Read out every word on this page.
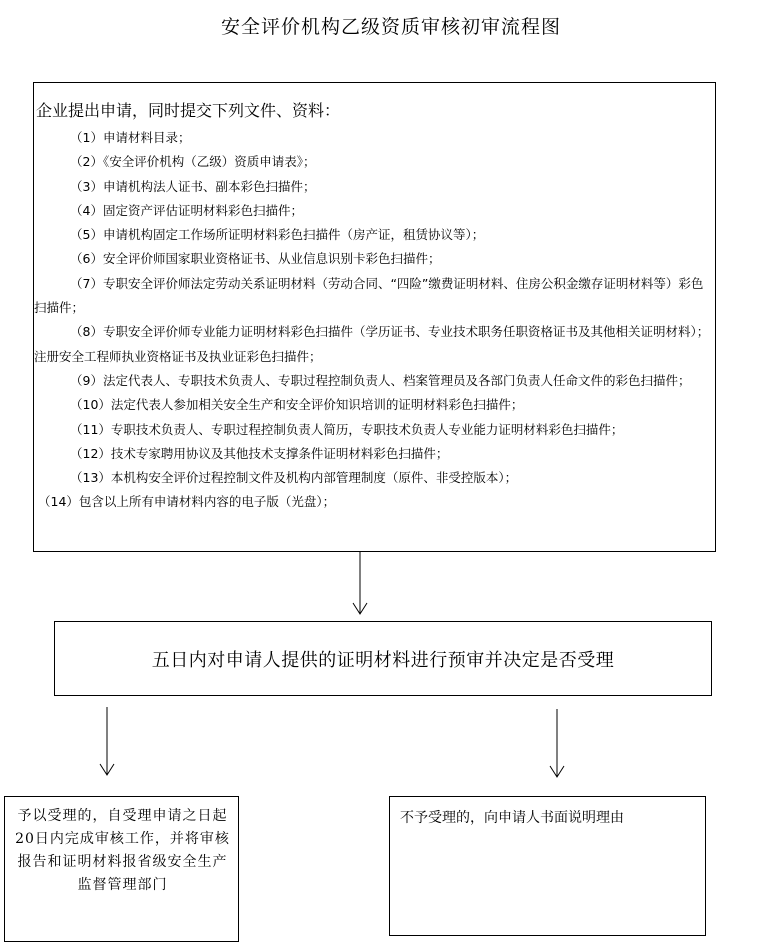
安全评价机构乙级资质审核初审流程图
企业提出申请，同时提交下列文件、资料：
（1）申请材料目录；
（2）《安全评价机构（乙级）资质申请表》；
（3）申请机构法人证书、副本彩色扫描件；
（4）固定资产评估证明材料彩色扫描件；
（5）申请机构固定工作场所证明材料彩色扫描件（房产证，租赁协议等）；
（6）安全评价师国家职业资格证书、从业信息识别卡彩色扫描件；
（7）专职安全评价师法定劳动关系证明材料（劳动合同、“四险”缴费证明材料、住房公积金缴存证明材料等）彩色扫描件；
（8）专职安全评价师专业能力证明材料彩色扫描件（学历证书、专业技术职务任职资格证书及其他相关证明材料）；注册安全工程师执业资格证书及执业证彩色扫描件；
（9）法定代表人、专职技术负责人、专职过程控制负责人、档案管理员及各部门负责人任命文件的彩色扫描件；
（10）法定代表人参加相关安全生产和安全评价知识培训的证明材料彩色扫描件；
（11）专职技术负责人、专职过程控制负责人简历，专职技术负责人专业能力证明材料彩色扫描件；
（12）技术专家聘用协议及其他技术支撑条件证明材料彩色扫描件；
（13）本机构安全评价过程控制文件及机构内部管理制度（原件、非受控版本）；
（14）包含以上所有申请材料内容的电子版（光盘）；
五日内对申请人提供的证明材料进行预审并决定是否受理
予以受理的，自受理申请之日起20日内完成审核工作，并将审核报告和证明材料报省级安全生产监督管理部门
不予受理的，向申请人书面说明理由
